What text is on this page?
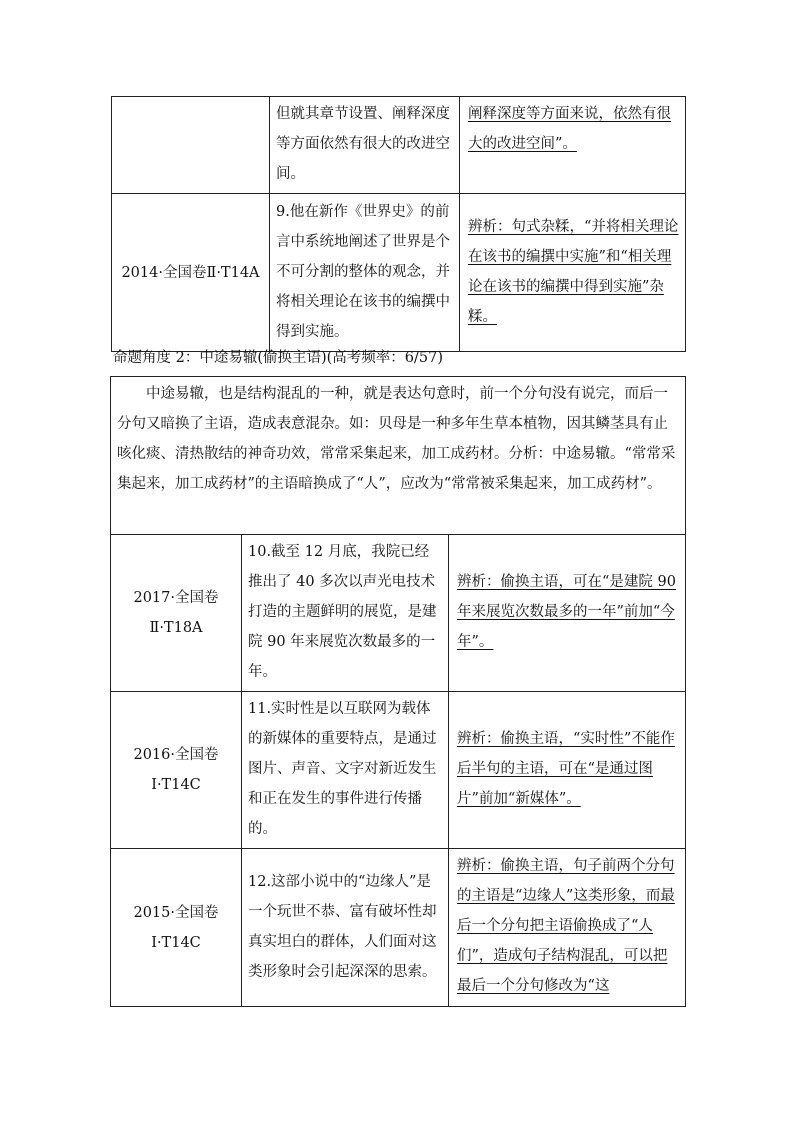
	但就其章节设置、阐释深度等方面依然有很大的改进空间。	阐释深度等方面来说，依然有很大的改进空间”。

2014·全国卷Ⅱ·T14A	9.他在新作《世界史》的前言中系统地阐述了世界是个不可分割的整体的观念，并将相关理论在该书的编撰中得到实施。	辨析：句式杂糅，“并将相关理论在该书的编撰中实施”和“相关理论在该书的编撰中得到实施”杂糅。
命题角度 2：中途易辙(偷换主语)(高考频率：6/57)
中途易辙，也是结构混乱的一种，就是表达句意时，前一个分句没有说完，而后一分句又暗换了主语，造成表意混杂。如：贝母是一种多年生草本植物，因其鳞茎具有止咳化痰、清热散结的神奇功效，常常采集起来，加工成药材。分析：中途易辙。“常常采集起来，加工成药材”的主语暗换成了“人”，应改为“常常被采集起来，加工成药材”。		

2017·全国卷
Ⅱ·T18A	10.截至 12 月底，我院已经推出了 40 多次以声光电技术打造的主题鲜明的展览，是建院 90 年来展览次数最多的一年。	辨析：偷换主语，可在“是建院 90 年来展览次数最多的一年”前加“今年”。

2016·全国卷
Ⅰ·T14C	11.实时性是以互联网为载体的新媒体的重要特点，是通过图片、声音、文字对新近发生和正在发生的事件进行传播的。	辨析：偷换主语，“实时性”不能作后半句的主语，可在“是通过图片”前加“新媒体”。

2015·全国卷
Ⅰ·T14C	12.这部小说中的“边缘人”是一个玩世不恭、富有破坏性却真实坦白的群体，人们面对这类形象时会引起深深的思索。	辨析：偷换主语，句子前两个分句的主语是“边缘人”这类形象，而最后一个分句把主语偷换成了“人们”，造成句子结构混乱，可以把最后一个分句修改为“这
